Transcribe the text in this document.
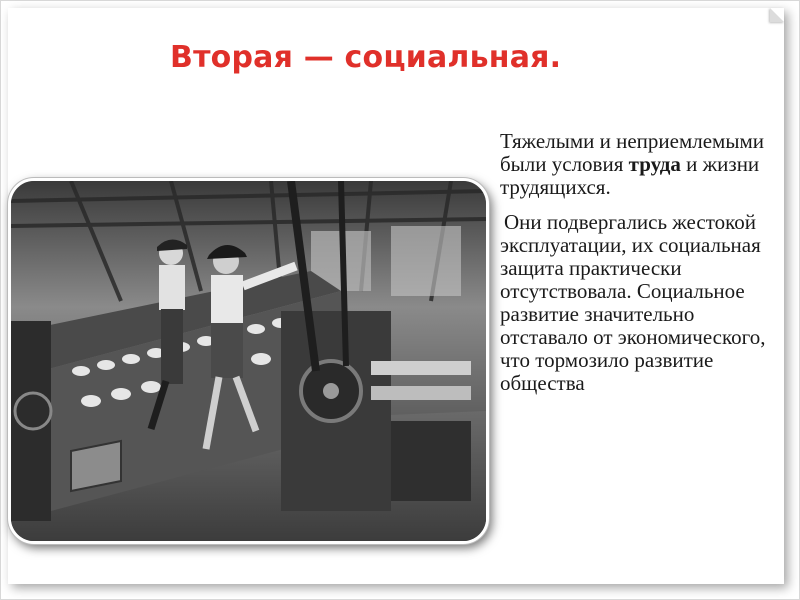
Вторая — социальная.

Тяжелыми и неприемлемыми были условия труда и жизни трудящихся.

Они подвергались жестокой эксплуатации, их социальная защита практически отсутствовала. Социальное развитие значительно отставало от экономического, что тормозило развитие общества
